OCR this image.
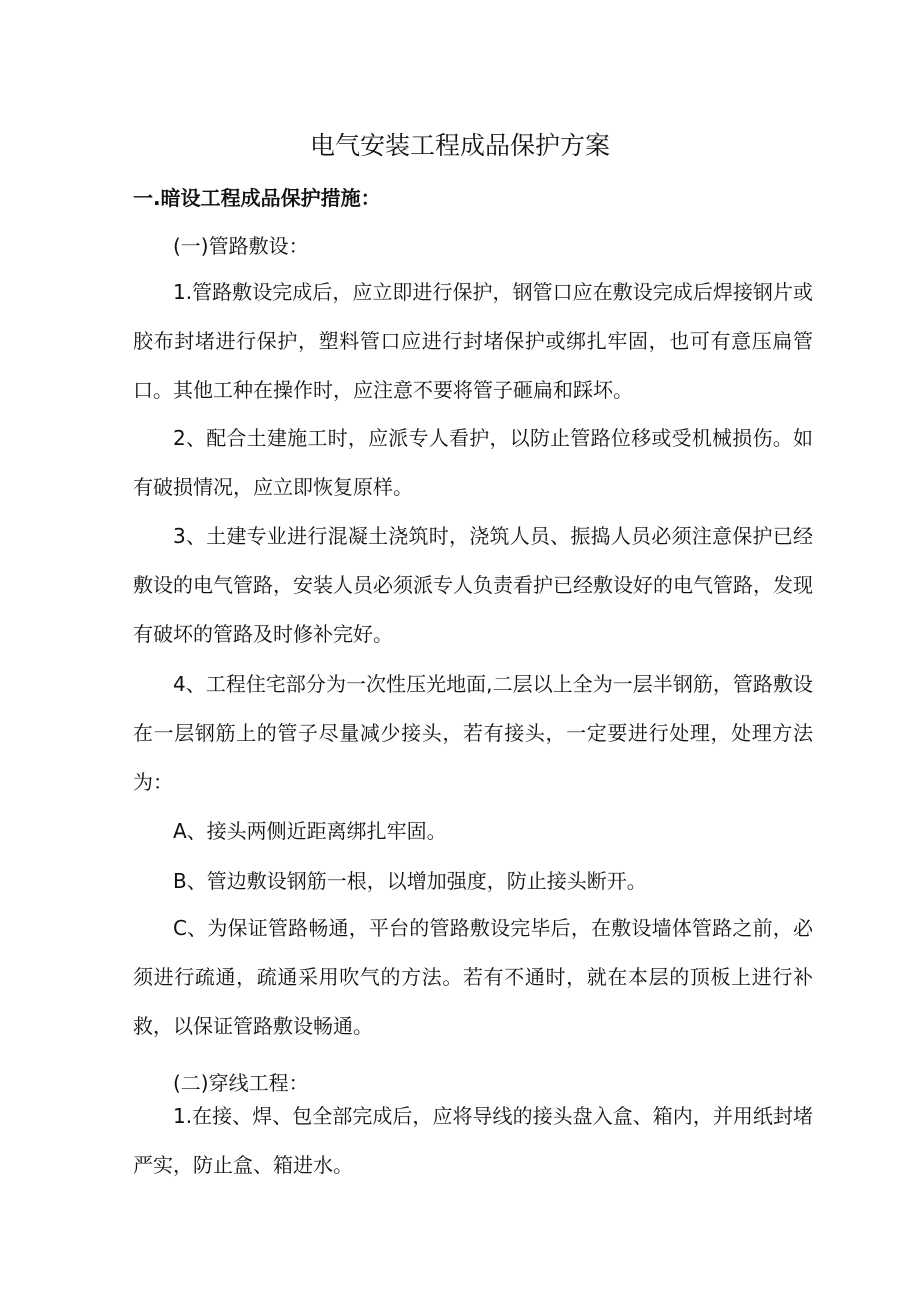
电气安装工程成品保护方案
一.暗设工程成品保护措施：

(一)管路敷设：

1.管路敷设完成后，应立即进行保护，钢管口应在敷设完成后焊接钢片或胶布封堵进行保护，塑料管口应进行封堵保护或绑扎牢固，也可有意压扁管口。其他工种在操作时，应注意不要将管子砸扁和踩坏。

2、配合土建施工时，应派专人看护，以防止管路位移或受机械损伤。如有破损情况，应立即恢复原样。

3、土建专业进行混凝土浇筑时，浇筑人员、振捣人员必须注意保护已经敷设的电气管路，安装人员必须派专人负责看护已经敷设好的电气管路，发现有破坏的管路及时修补完好。

4、工程住宅部分为一次性压光地面,二层以上全为一层半钢筋，管路敷设在一层钢筋上的管子尽量减少接头，若有接头，一定要进行处理，处理方法为：

A、接头两侧近距离绑扎牢固。

B、管边敷设钢筋一根，以增加强度，防止接头断开。

C、为保证管路畅通，平台的管路敷设完毕后，在敷设墙体管路之前，必须进行疏通，疏通采用吹气的方法。若有不通时，就在本层的顶板上进行补救，以保证管路敷设畅通。

(二)穿线工程：

1.在接、焊、包全部完成后，应将导线的接头盘入盒、箱内，并用纸封堵严实，防止盒、箱进水。
